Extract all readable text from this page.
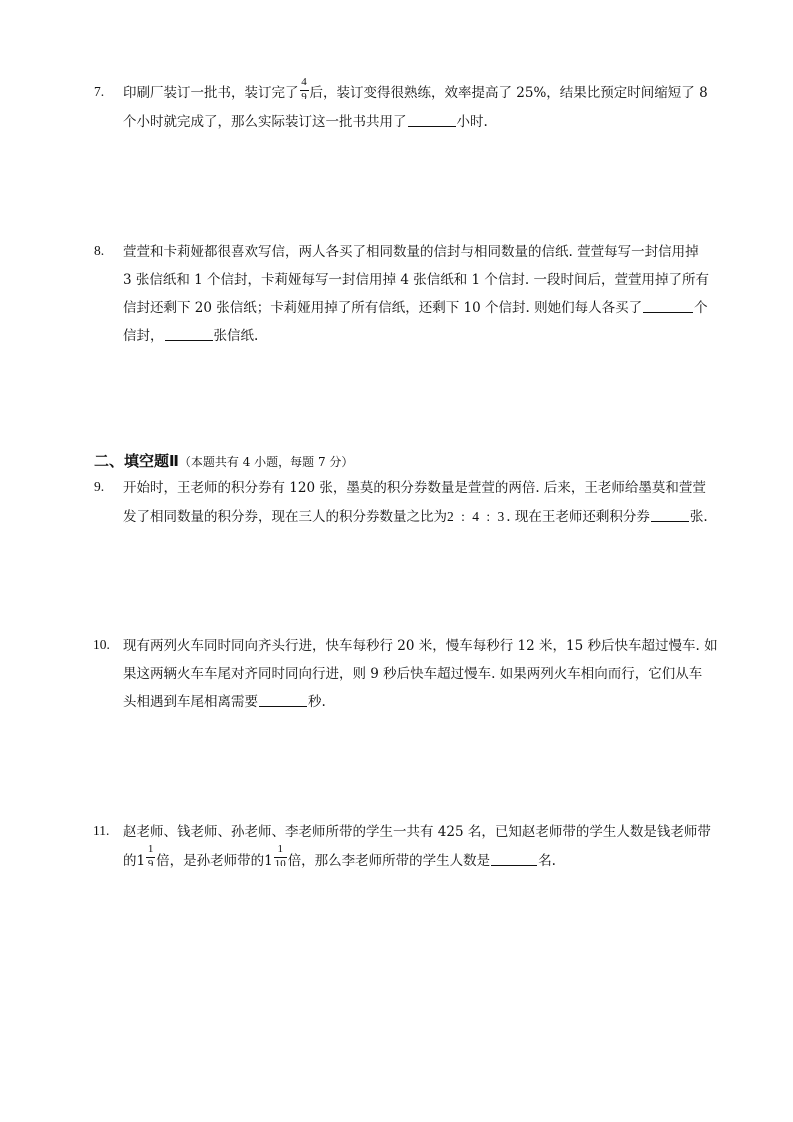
7.	印刷厂装订一批书，装订完了 $\frac{4}{9}$ 后，装订变得很熟练，效率提高了 25%，结果比预定时间缩短了 8
个小时就完成了，那么实际装订这一批书共用了	小时.
8.	萱萱和卡莉娅都很喜欢写信，两人各买了相同数量的信封与相同数量的信纸. 萱萱每写一封信用掉
3 张信纸和 1 个信封，卡莉娅每写一封信用掉 4 张信纸和 1 个信封. 一段时间后，萱萱用掉了所有
信封还剩下 20 张信纸；卡莉娅用掉了所有信纸，还剩下 10 个信封. 则她们每人各买了	个
信封，	张信纸.
二、填空题Ⅱ（本题共有 4 小题，每题 7 分）
9.	开始时，王老师的积分券有 120 张，墨莫的积分券数量是萱萱的两倍. 后来，王老师给墨莫和萱萱
发了相同数量的积分券，现在三人的积分券数量之比为2 : 4 : 3. 现在王老师还剩积分券	张.
10. 现有两列火车同时同向齐头行进，快车每秒行 20 米，慢车每秒行 12 米，15 秒后快车超过慢车. 如
果这两辆火车车尾对齐同时同向行进，则 9 秒后快车超过慢车. 如果两列火车相向而行，它们从车
头相遇到车尾相离需要	秒.
11.	赵老师、钱老师、孙老师、李老师所带的学生一共有 425 名，已知赵老师带的学生人数是钱老师带
的$1 \frac{1}{9}$ 倍，是孙老师带的$1 \frac{1}{10}$ 倍，那么李老师所带的学生人数是	名.
